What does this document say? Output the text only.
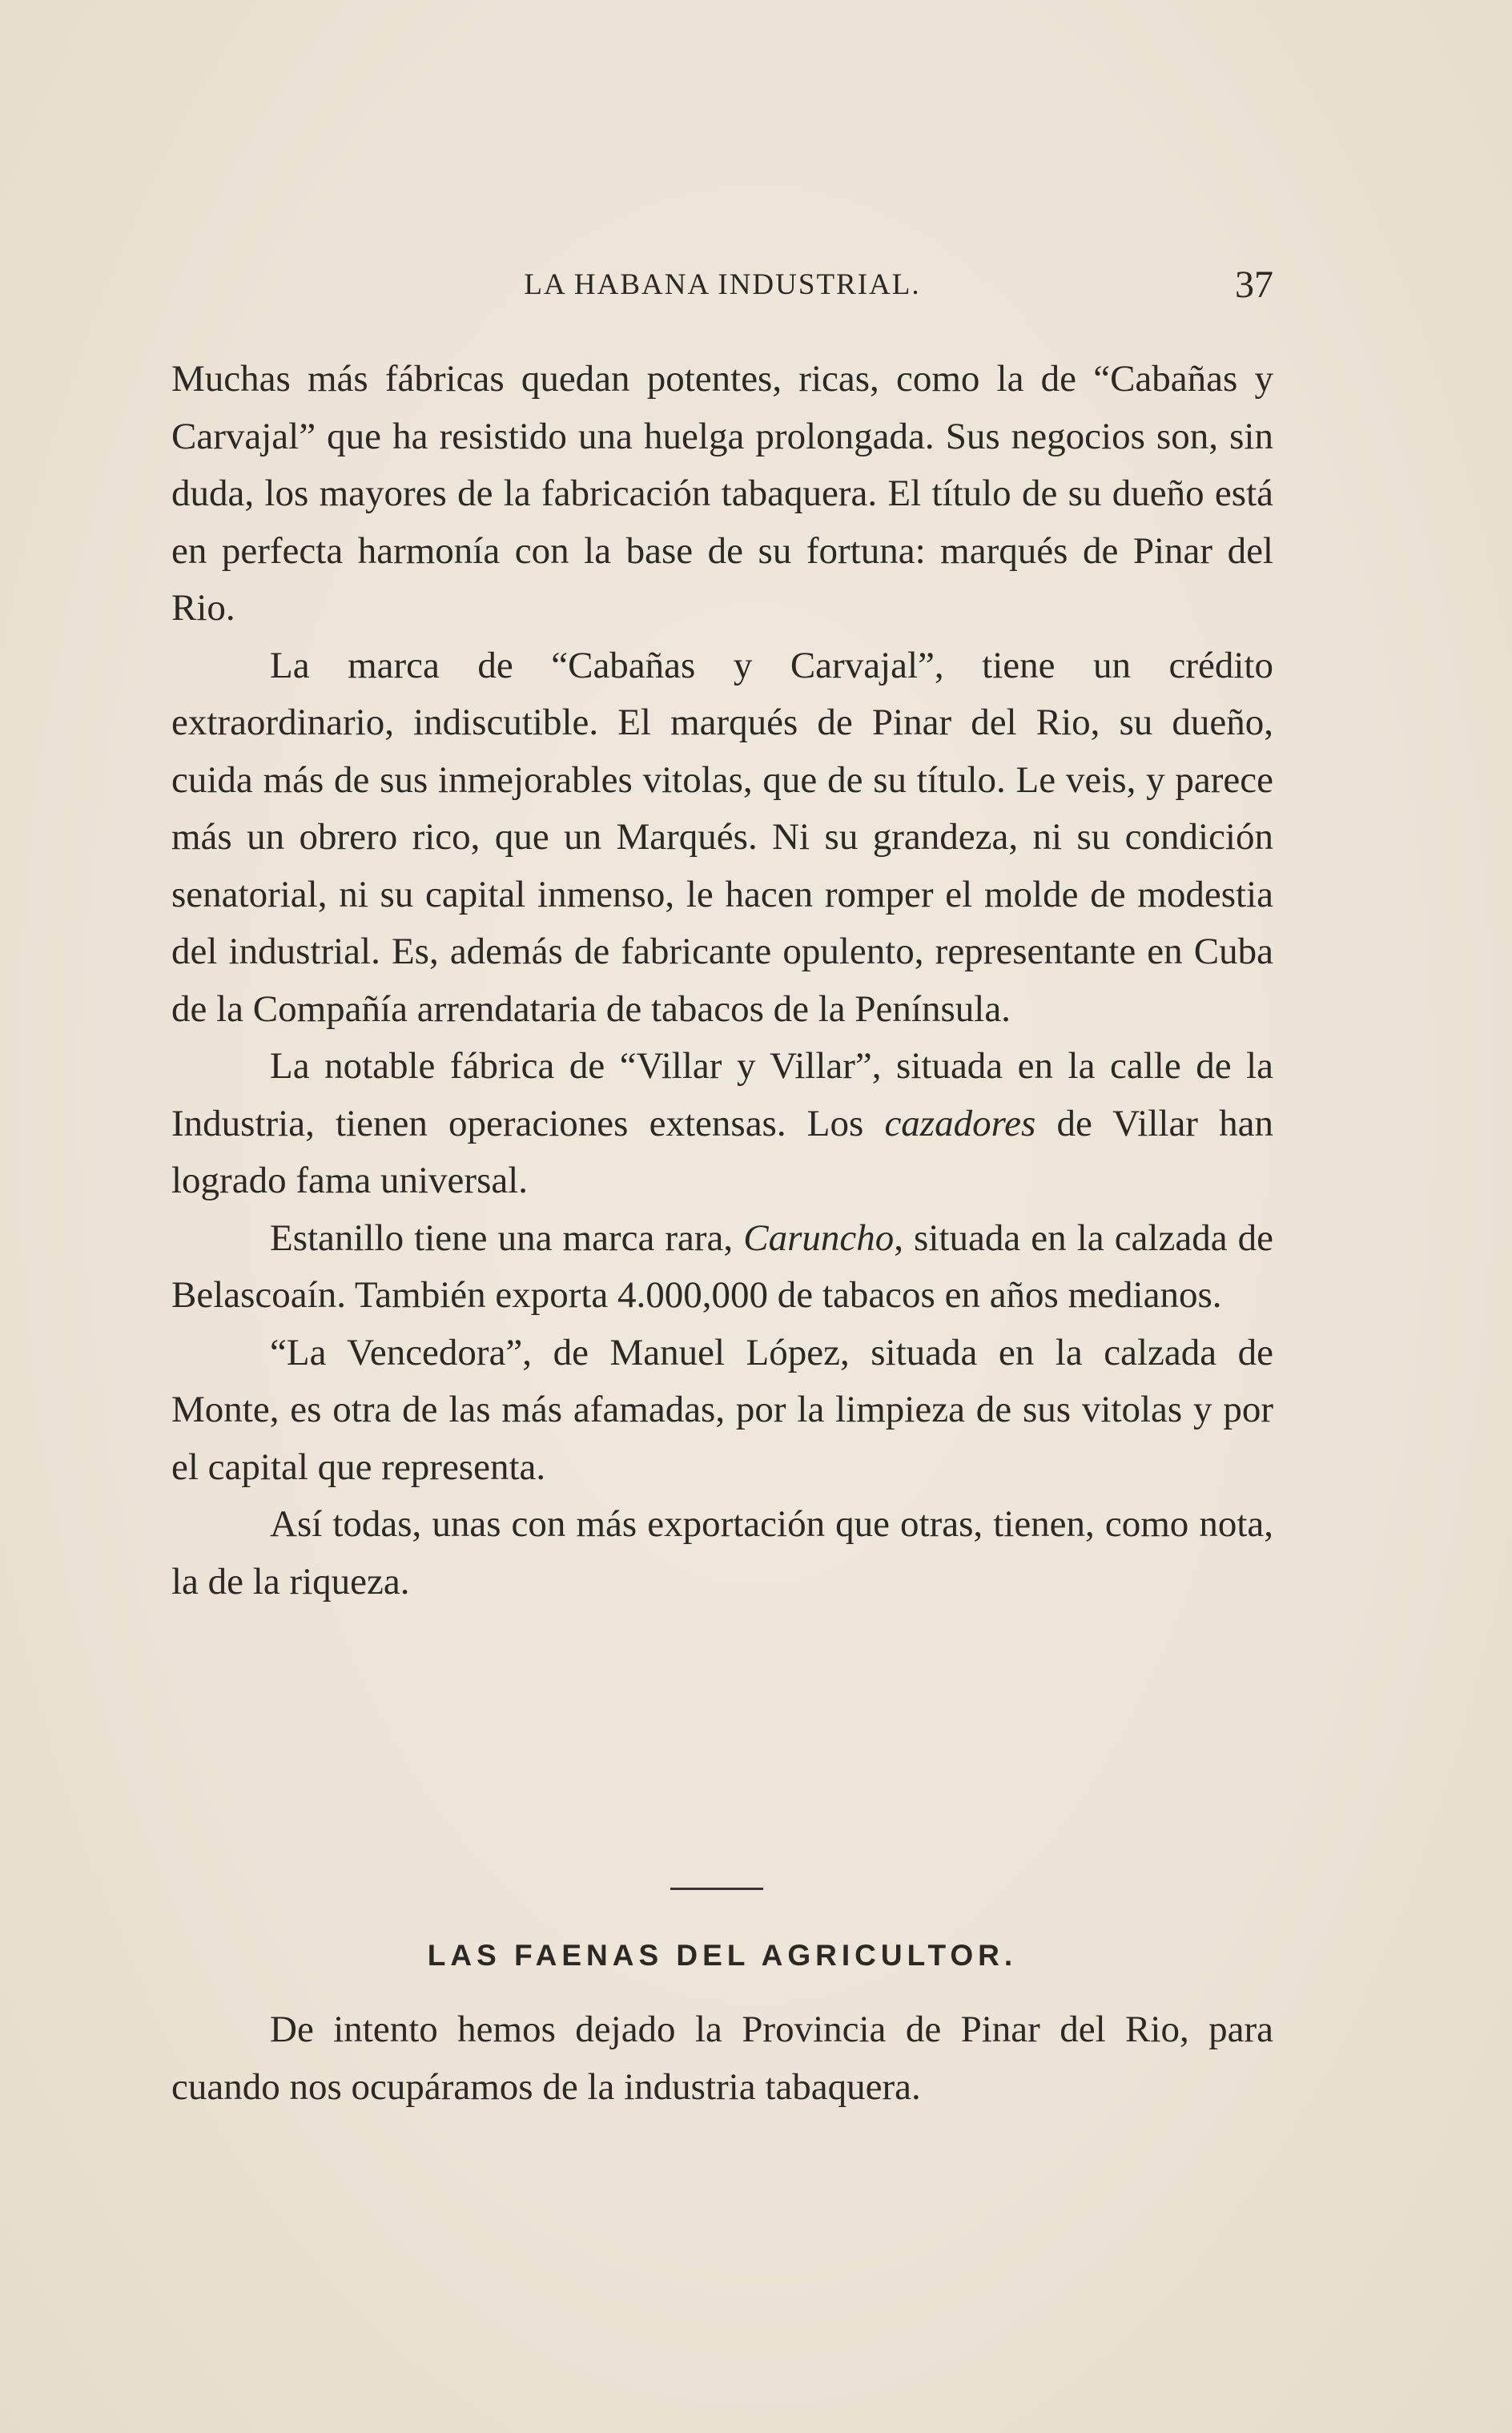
LA HABANA INDUSTRIAL.	37

Muchas más fábricas quedan potentes, ricas, como la de “Cabañas y Carvajal” que ha resistido una huelga prolongada. Sus negocios son, sin duda, los mayores de la fabricación tabaquera. El título de su dueño está en perfecta harmonía con la base de su fortuna: marqués de Pinar del Rio.

La marca de “Cabañas y Carvajal”, tiene un crédito extraordinario, indiscutible. El marqués de Pinar del Rio, su dueño, cuida más de sus inmejorables vitolas, que de su título. Le veis, y parece más un obrero rico, que un Marqués. Ni su grandeza, ni su condición senatorial, ni su capital inmenso, le hacen romper el molde de modestia del industrial. Es, además de fabricante opulento, representante en Cuba de la Compañía arrendataria de tabacos de la Península.

La notable fábrica de “Villar y Villar”, situada en la calle de la Industria, tienen operaciones extensas. Los cazadores de Villar han logrado fama universal.

Estanillo tiene una marca rara, Caruncho, situada en la calzada de Belascoaín. También exporta 4.000,000 de tabacos en años medianos.

“La Vencedora”, de Manuel López, situada en la calzada de Monte, es otra de las más afamadas, por la limpieza de sus vitolas y por el capital que representa.

Así todas, unas con más exportación que otras, tienen, como nota, la de la riqueza.

LAS FAENAS DEL AGRICULTOR.

De intento hemos dejado la Provincia de Pinar del Rio, para cuando nos ocupáramos de la industria tabaquera.
